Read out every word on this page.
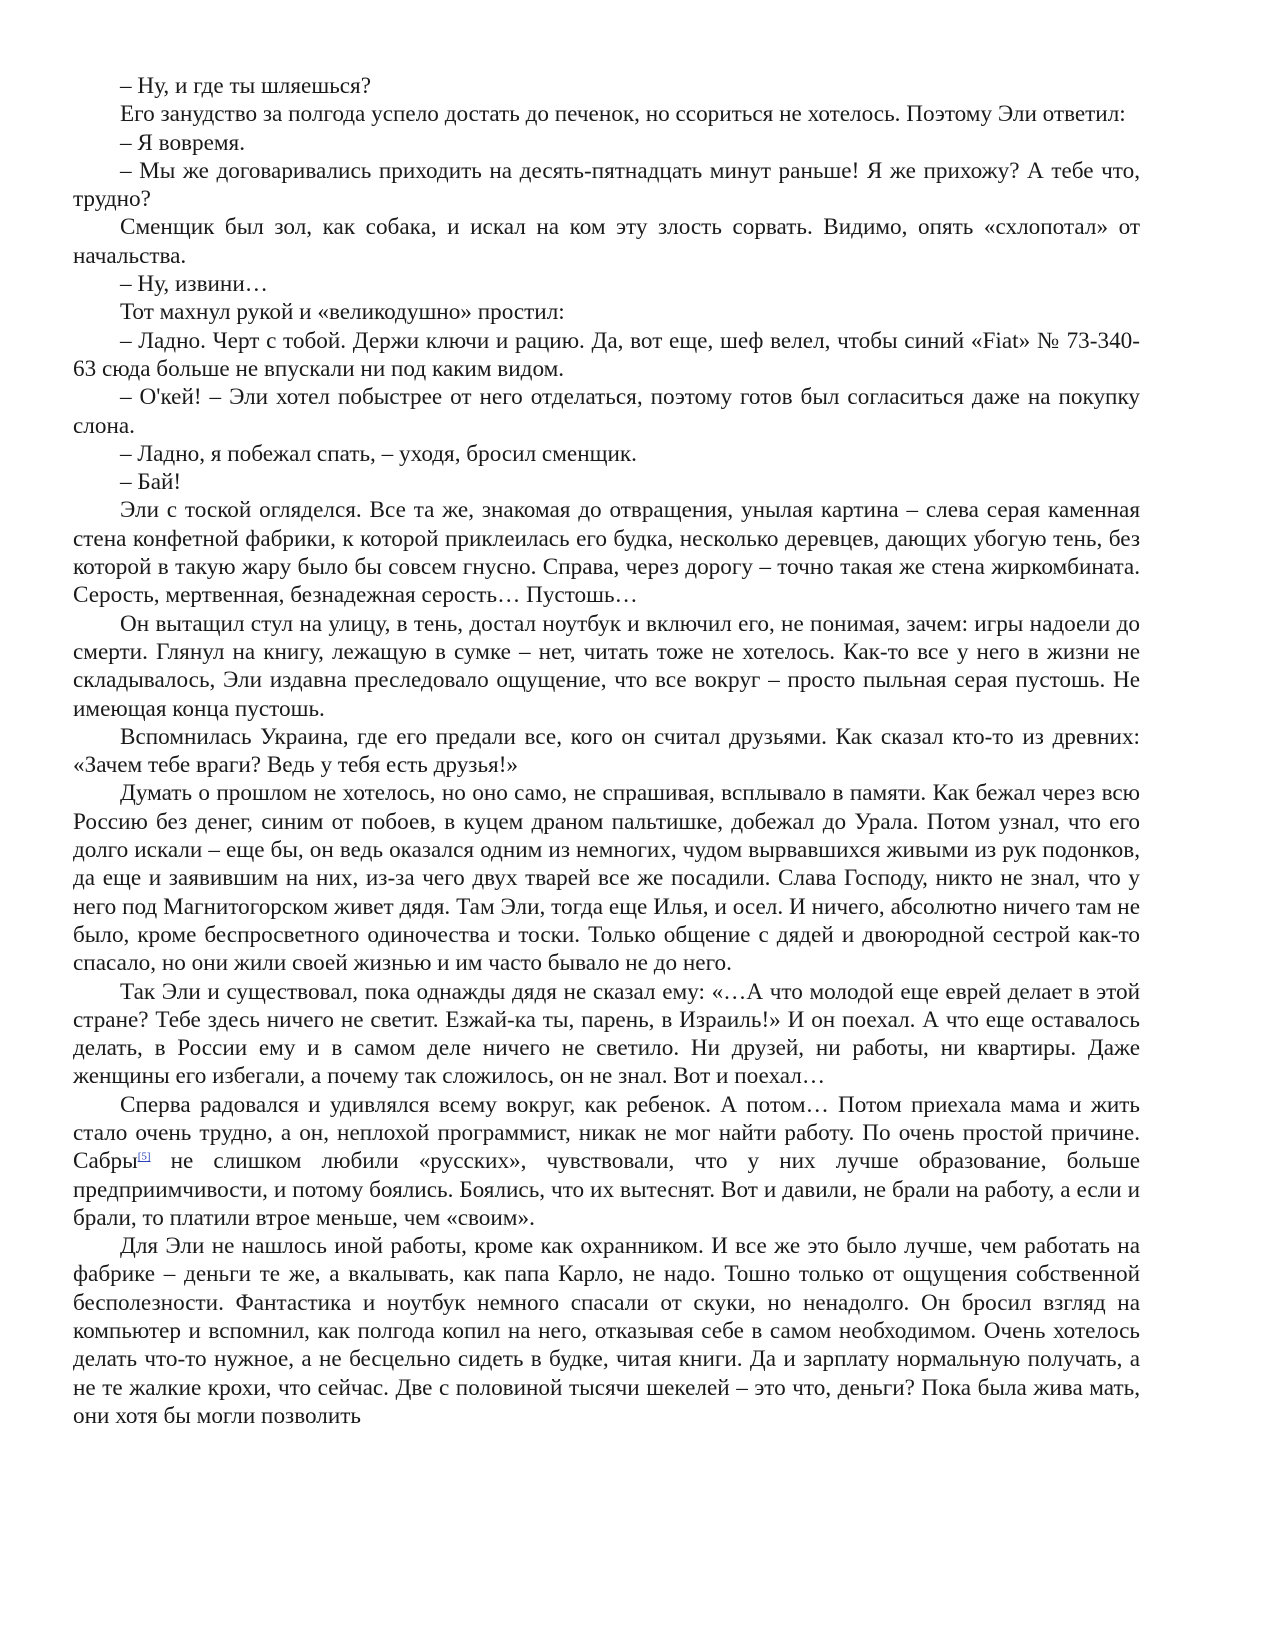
– Ну, и где ты шляешься?

Его занудство за полгода успело достать до печенок, но ссориться не хотелось. Поэтому Эли ответил:

– Я вовремя.

– Мы же договаривались приходить на десять-пятнадцать минут раньше! Я же прихожу? А тебе что, трудно?

Сменщик был зол, как собака, и искал на ком эту злость сорвать. Видимо, опять «схлопотал» от начальства.

– Ну, извини…

Тот махнул рукой и «великодушно» простил:

– Ладно. Черт с тобой. Держи ключи и рацию. Да, вот еще, шеф велел, чтобы синий «Fiat» № 73-340-63 сюда больше не впускали ни под каким видом.

– О'кей! – Эли хотел побыстрее от него отделаться, поэтому готов был согласиться даже на покупку слона.

– Ладно, я побежал спать, – уходя, бросил сменщик.

– Бай!

Эли с тоской огляделся. Все та же, знакомая до отвращения, унылая картина – слева серая каменная стена конфетной фабрики, к которой приклеилась его будка, несколько деревцев, дающих убогую тень, без которой в такую жару было бы совсем гнусно. Справа, через дорогу – точно такая же стена жиркомбината. Серость, мертвенная, безнадежная серость… Пустошь…

Он вытащил стул на улицу, в тень, достал ноутбук и включил его, не понимая, зачем: игры надоели до смерти. Глянул на книгу, лежащую в сумке – нет, читать тоже не хотелось. Как-то все у него в жизни не складывалось, Эли издавна преследовало ощущение, что все вокруг – просто пыльная серая пустошь. Не имеющая конца пустошь.

Вспомнилась Украина, где его предали все, кого он считал друзьями. Как сказал кто-то из древних: «Зачем тебе враги? Ведь у тебя есть друзья!»

Думать о прошлом не хотелось, но оно само, не спрашивая, всплывало в памяти. Как бежал через всю Россию без денег, синим от побоев, в куцем драном пальтишке, добежал до Урала. Потом узнал, что его долго искали – еще бы, он ведь оказался одним из немногих, чудом вырвавшихся живыми из рук подонков, да еще и заявившим на них, из-за чего двух тварей все же посадили. Слава Господу, никто не знал, что у него под Магнитогорском живет дядя. Там Эли, тогда еще Илья, и осел. И ничего, абсолютно ничего там не было, кроме беспросветного одиночества и тоски. Только общение с дядей и двоюродной сестрой как-то спасало, но они жили своей жизнью и им часто бывало не до него.

Так Эли и существовал, пока однажды дядя не сказал ему: «…А что молодой еще еврей делает в этой стране? Тебе здесь ничего не светит. Езжай-ка ты, парень, в Израиль!» И он поехал. А что еще оставалось делать, в России ему и в самом деле ничего не светило. Ни друзей, ни работы, ни квартиры. Даже женщины его избегали, а почему так сложилось, он не знал. Вот и поехал…

Сперва радовался и удивлялся всему вокруг, как ребенок. А потом… Потом приехала мама и жить стало очень трудно, а он, неплохой программист, никак не мог найти работу. По очень простой причине. Сабры[5] не слишком любили «русских», чувствовали, что у них лучше образование, больше предприимчивости, и потому боялись. Боялись, что их вытеснят. Вот и давили, не брали на работу, а если и брали, то платили втрое меньше, чем «своим».

Для Эли не нашлось иной работы, кроме как охранником. И все же это было лучше, чем работать на фабрике – деньги те же, а вкалывать, как папа Карло, не надо. Тошно только от ощущения собственной бесполезности. Фантастика и ноутбук немного спасали от скуки, но ненадолго. Он бросил взгляд на компьютер и вспомнил, как полгода копил на него, отказывая себе в самом необходимом. Очень хотелось делать что-то нужное, а не бесцельно сидеть в будке, читая книги. Да и зарплату нормальную получать, а не те жалкие крохи, что сейчас. Две с половиной тысячи шекелей – это что, деньги? Пока была жива мать, они хотя бы могли позволить
